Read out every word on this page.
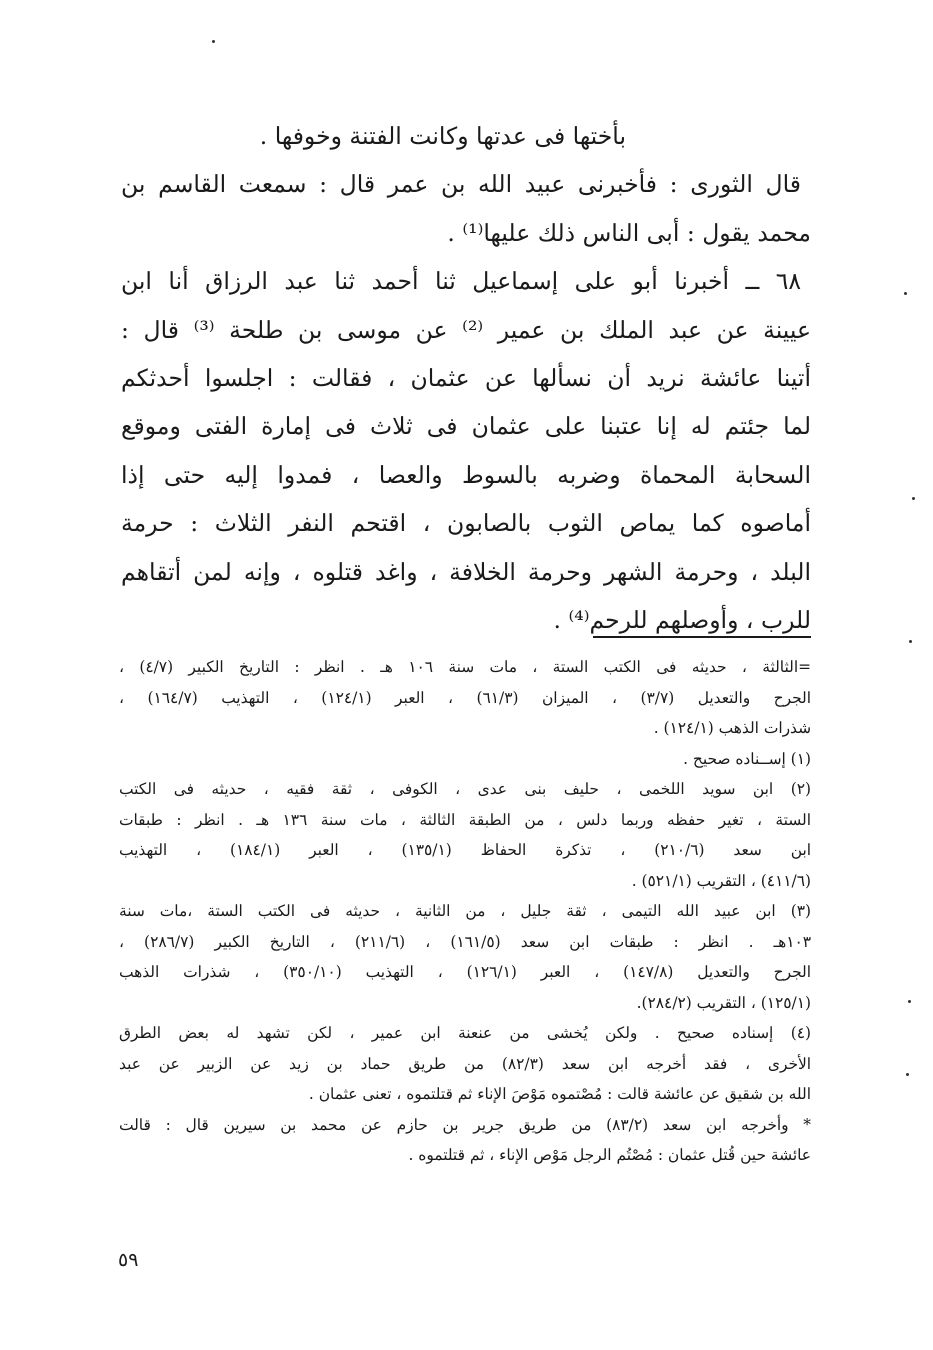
بأختها فى عدتها وكانت الفتنة وخوفها .
قال الثورى : فأخبرنى عبيد الله بن عمر قال : سمعت القاسم بن
محمد يقول : أبى الناس ذلك عليها⁽¹⁾ .
٦٨ ــ أخبرنا أبو على إسماعيل ثنا أحمد ثنا عبد الرزاق أنا ابن
عيينة عن عبد الملك بن عمير ⁽²⁾ عن موسى بن طلحة ⁽³⁾ قال :
أتينا عائشة نريد أن نسألها عن عثمان ، فقالت : اجلسوا أحدثكم
لما جئتم له إنا عتبنا على عثمان فى ثلاث فى إمارة الفتى وموقع
السحابة المحماة وضربه بالسوط والعصا ، فمدوا إليه حتى إذا
أماصوه كما يماص الثوب بالصابون ، اقتحم النفر الثلاث : حرمة
البلد ، وحرمة الشهر وحرمة الخلافة ، واغد قتلوه ، وإنه لمن أتقاهم
للرب ، وأوصلهم للرحم⁽⁴⁾ .
=الثالثة ، حديثه فى الكتب الستة ، مات سنة ١٠٦ هـ . انظر : التاريخ الكبير (٤/٧) ،
الجرح والتعديل (٣/٧) ، الميزان (٦١/٣) ، العبر (١٢٤/١) ، التهذيب (١٦٤/٧) ،
شذرات الذهب (١٢٤/١) .
(١) إســناده صحيح .
(٢) ابن سويد اللخمى ، حليف بنى عدى ، الكوفى ، ثقة فقيه ، حديثه فى الكتب
الستة ، تغير حفظه وربما دلس ، من الطبقة الثالثة ، مات سنة ١٣٦ هـ . انظر : طبقات
ابن سعد (٢١٠/٦) ، تذكرة الحفاظ (١٣٥/١) ، العبر (١٨٤/١) ، التهذيب
(٤١١/٦) ، التقريب (٥٢١/١) .
(٣) ابن عبيد الله التيمى ، ثقة جليل ، من الثانية ، حديثه فى الكتب الستة ،مات سنة
١٠٣هـ . انظر : طبقات ابن سعد (١٦١/٥) ، (٢١١/٦) ، التاريخ الكبير (٢٨٦/٧) ،
الجرح والتعديل (١٤٧/٨) ، العبر (١٢٦/١) ، التهذيب (٣٥٠/١٠) ، شذرات الذهب
(١٢٥/١) ، التقريب (٢٨٤/٢).
(٤) إسناده صحيح . ولكن يُخشى من عنعنة ابن عمير ، لكن تشهد له بعض الطرق
الأخرى ، فقد أخرجه ابن سعد (٨٢/٣) من طريق حماد بن زيد عن الزبير عن عبد
الله بن شقيق عن عائشة قالت : مُصْتموه مَوْصَ الإناء ثم قتلتموه ، تعنى عثمان .
* وأخرجه ابن سعد (٨٣/٢) من طريق جرير بن حازم عن محمد بن سيرين قال : قالت
عائشة حين قُتل عثمان : مُصْتُم الرجل مَوْص الإناء ، ثم قتلتموه .
٥٩
